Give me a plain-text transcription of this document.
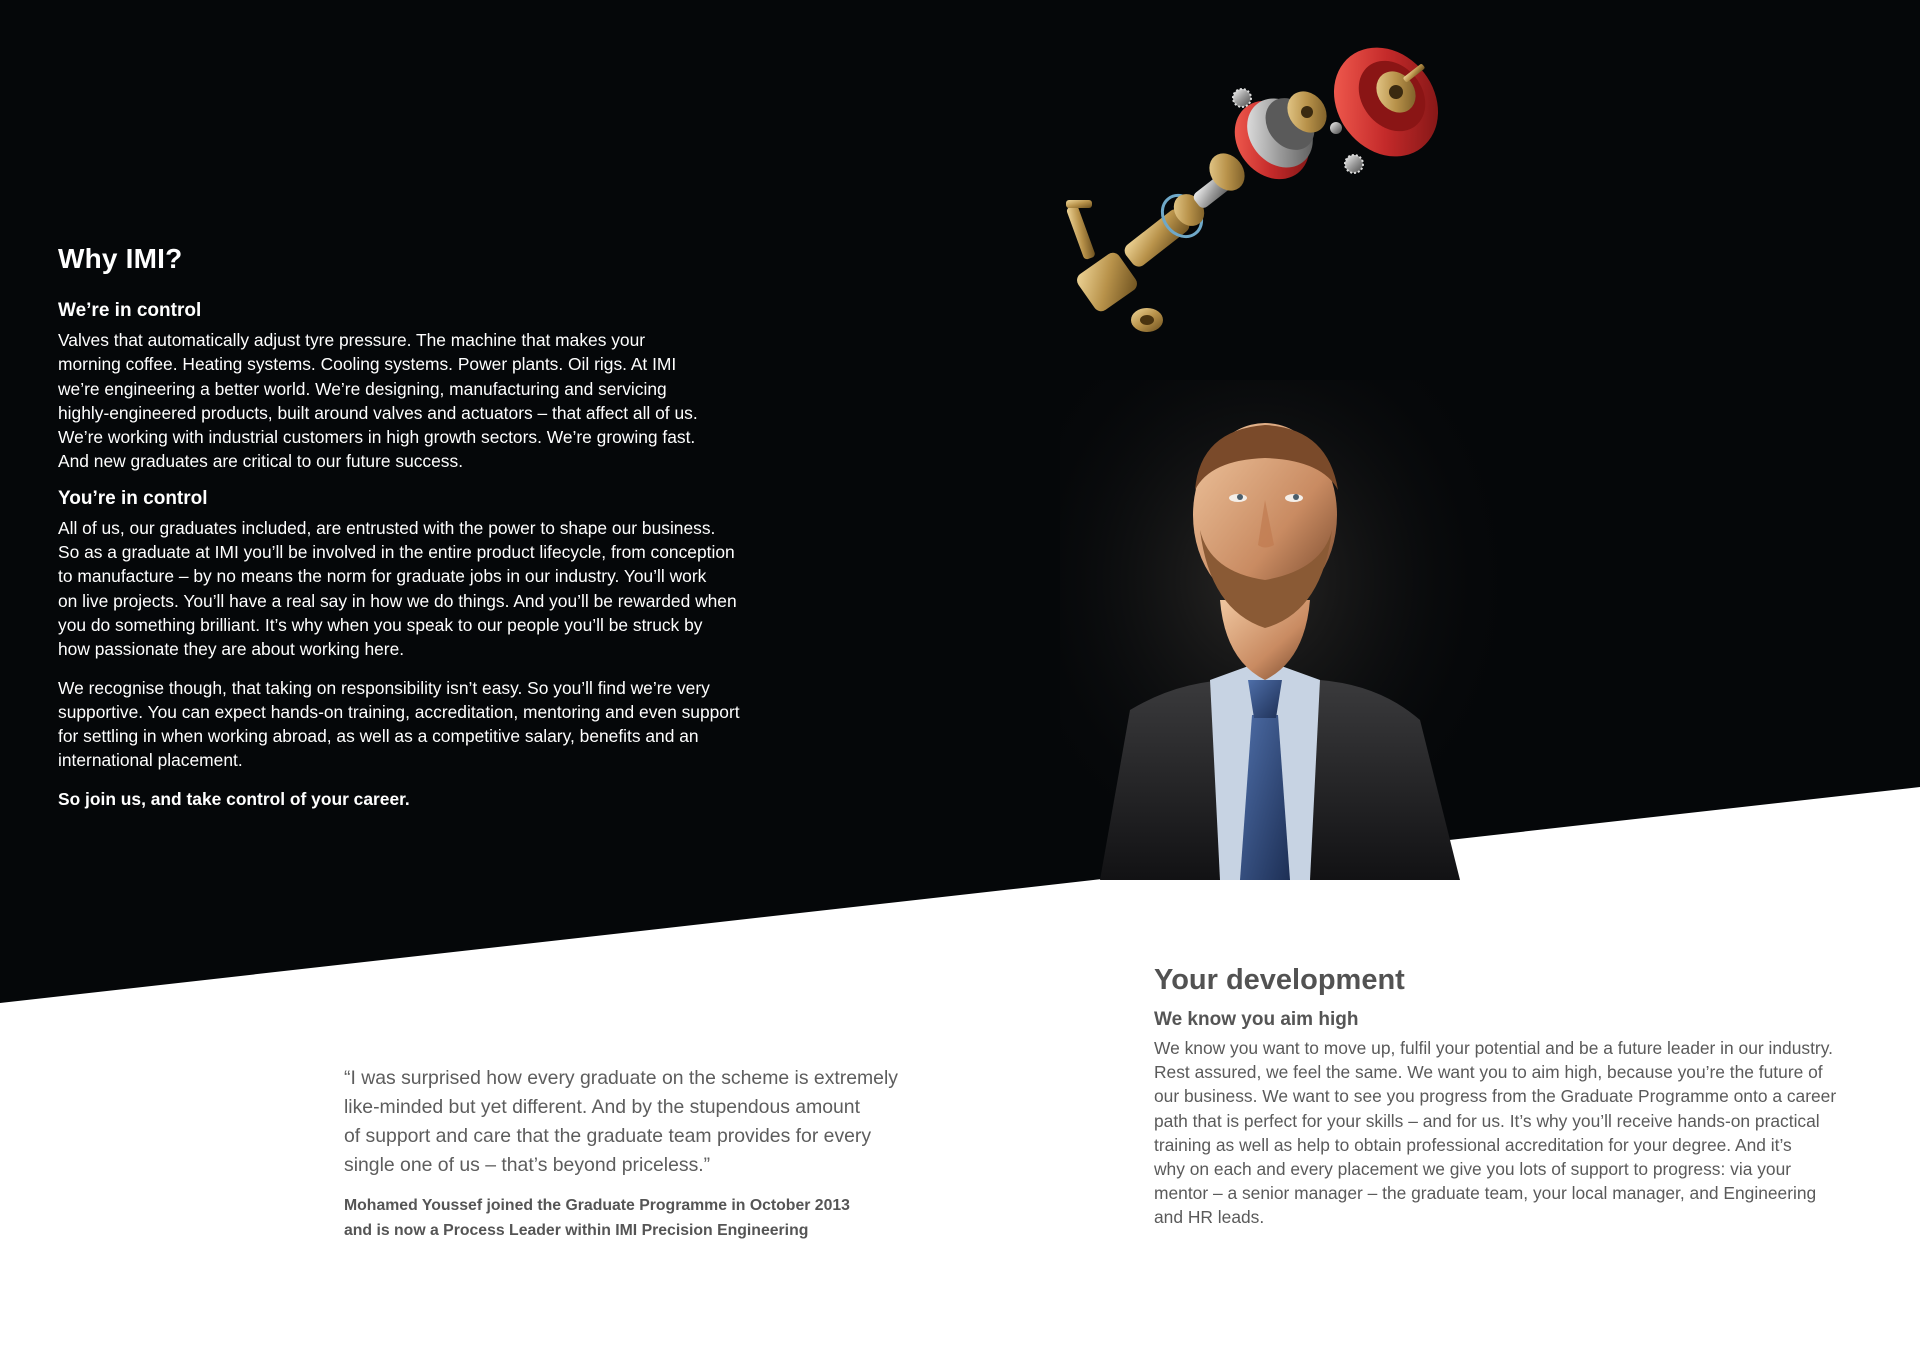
Why IMI?
We’re in control

Valves that automatically adjust tyre pressure. The machine that makes your
morning coffee. Heating systems. Cooling systems. Power plants. Oil rigs. At IMI
we’re engineering a better world. We’re designing, manufacturing and servicing
highly-engineered products, built around valves and actuators – that affect all of us.
We’re working with industrial customers in high growth sectors. We’re growing fast.
And new graduates are critical to our future success.

You’re in control

All of us, our graduates included, are entrusted with the power to shape our business.
So as a graduate at IMI you’ll be involved in the entire product lifecycle, from conception
to manufacture – by no means the norm for graduate jobs in our industry. You’ll work
on live projects. You’ll have a real say in how we do things. And you’ll be rewarded when
you do something brilliant. It’s why when you speak to our people you’ll be struck by
how passionate they are about working here.

We recognise though, that taking on responsibility isn’t easy. So you’ll find we’re very
supportive. You can expect hands-on training, accreditation, mentoring and even support
for settling in when working abroad, as well as a competitive salary, benefits and an
international placement.

So join us, and take control of your career.

“I was surprised how every graduate on the scheme is extremely
like-minded but yet different. And by the stupendous amount
of support and care that the graduate team provides for every
single one of us – that’s beyond priceless.”

Mohamed Youssef joined the Graduate Programme in October 2013
and is now a Process Leader within IMI Precision Engineering

Your development
We know you aim high

We know you want to move up, fulfil your potential and be a future leader in our industry.
Rest assured, we feel the same. We want you to aim high, because you’re the future of
our business. We want to see you progress from the Graduate Programme onto a career
path that is perfect for your skills – and for us. It’s why you’ll receive hands-on practical
training as well as help to obtain professional accreditation for your degree. And it’s
why on each and every placement we give you lots of support to progress: via your
mentor – a senior manager – the graduate team, your local manager, and Engineering
and HR leads.
